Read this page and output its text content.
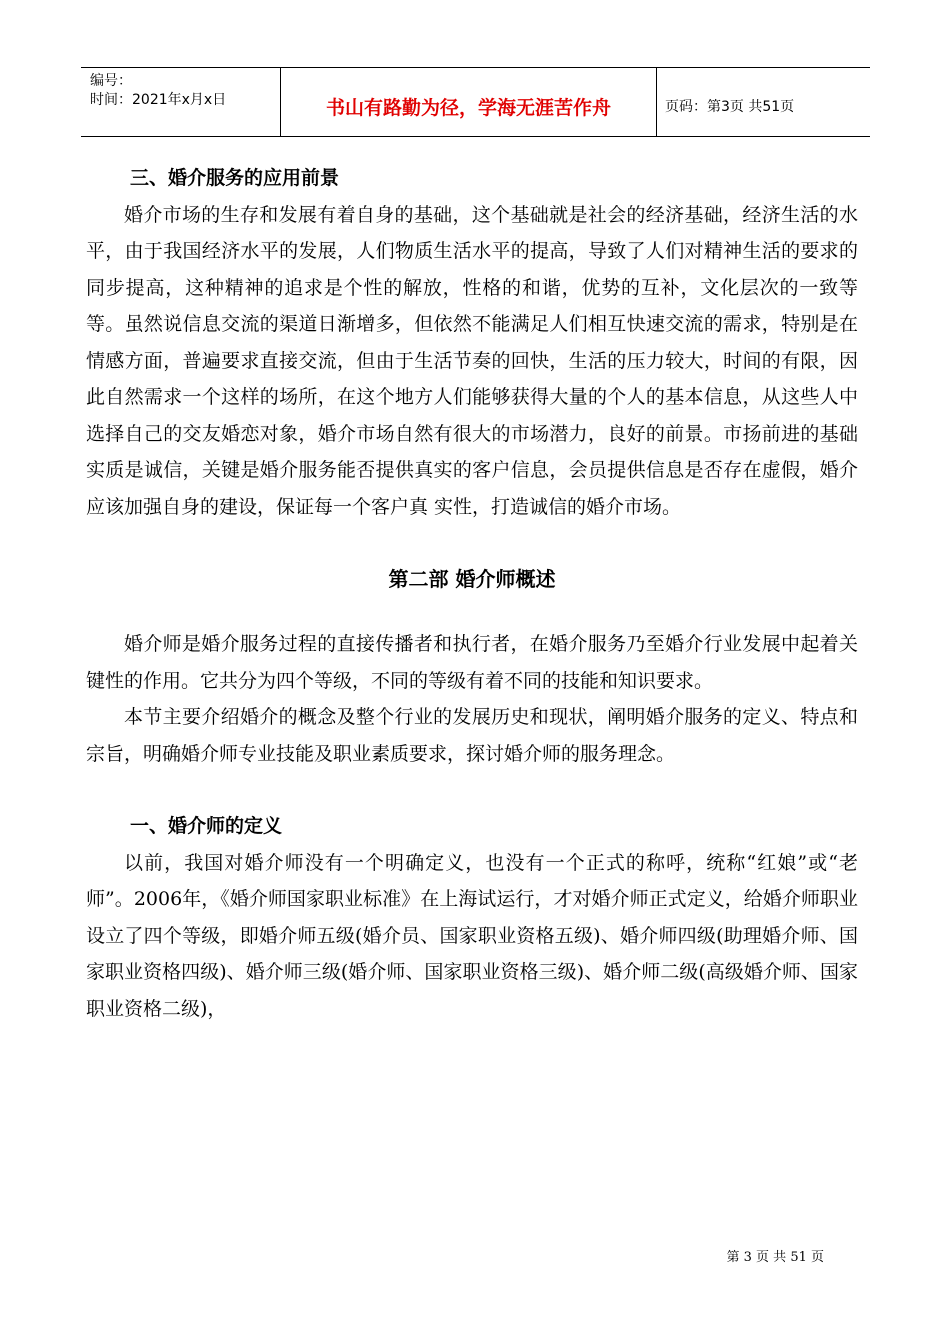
编号：
时间：2021年x月x日	书山有路勤为径，学海无涯苦作舟	页码：第3页 共51页

三、婚介服务的应用前景

婚介市场的生存和发展有着自身的基础，这个基础就是社会的经济基础，经济生活的水平，由于我国经济水平的发展，人们物质生活水平的提高，导致了人们对精神生活的要求的同步提高，这种精神的追求是个性的解放，性格的和谐，优势的互补，文化层次的一致等等。虽然说信息交流的渠道日渐增多，但依然不能满足人们相互快速交流的需求，特别是在情感方面，普遍要求直接交流，但由于生活节奏的回快，生活的压力较大，时间的有限，因此自然需求一个这样的场所，在这个地方人们能够获得大量的个人的基本信息，从这些人中选择自己的交友婚恋对象，婚介市场自然有很大的市场潜力，良好的前景。市扬前进的基础实质是诚信，关键是婚介服务能否提供真实的客户信息，会员提供信息是否存在虚假，婚介应该加强自身的建设，保证每一个客户真 实性，打造诚信的婚介市场。

第二部 婚介师概述

婚介师是婚介服务过程的直接传播者和执行者，在婚介服务乃至婚介行业发展中起着关键性的作用。它共分为四个等级，不同的等级有着不同的技能和知识要求。

本节主要介绍婚介的概念及整个行业的发展历史和现状，阐明婚介服务的定义、特点和宗旨，明确婚介师专业技能及职业素质要求，探讨婚介师的服务理念。

一、婚介师的定义

以前，我国对婚介师没有一个明确定义，也没有一个正式的称呼，统称“红娘”或“老师”。2006年，《婚介师国家职业标准》在上海试运行，才对婚介师正式定义，给婚介师职业设立了四个等级，即婚介师五级(婚介员、国家职业资格五级)、婚介师四级(助理婚介师、国家职业资格四级)、婚介师三级(婚介师、国家职业资格三级)、婚介师二级(高级婚介师、国家职业资格二级)，

第 3 页 共 51 页
